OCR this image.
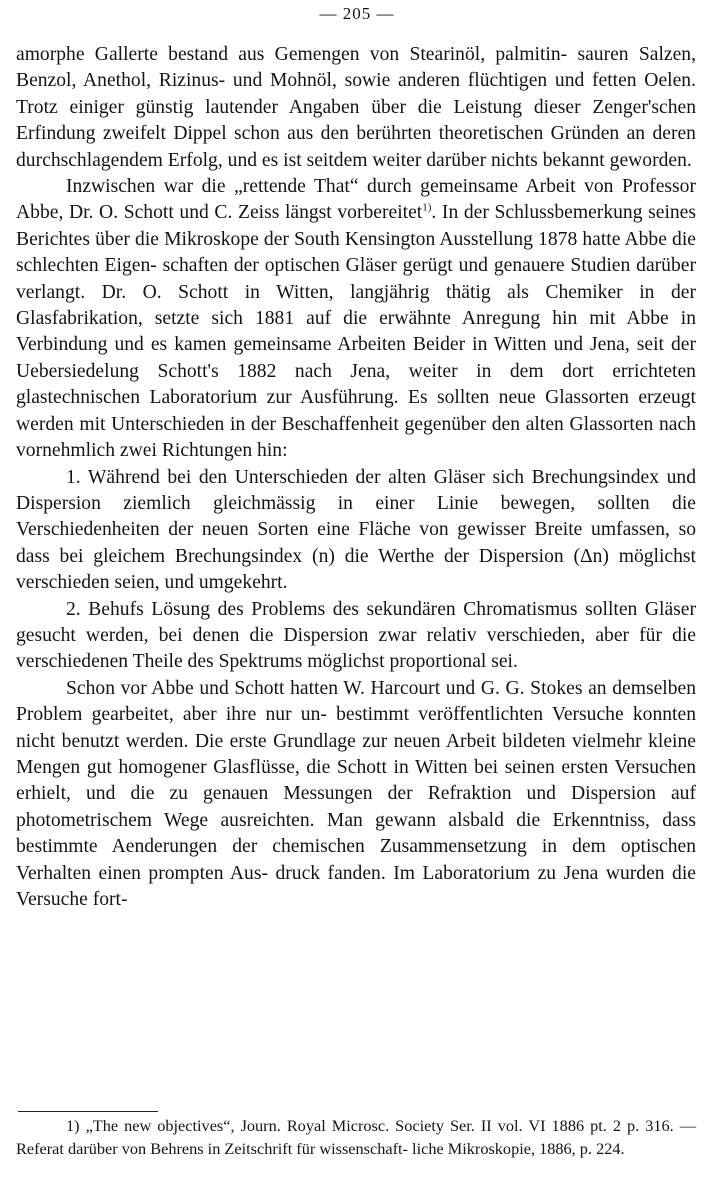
— 205 —

amorphe Gallerte bestand aus Gemengen von Stearinöl, palmitin- sauren Salzen, Benzol, Anethol, Rizinus- und Mohnöl, sowie anderen flüchtigen und fetten Oelen. Trotz einiger günstig lautender Angaben über die Leistung dieser Zenger'schen Erfindung zweifelt Dippel schon aus den berührten theoretischen Gründen an deren durchschlagendem Erfolg, und es ist seitdem weiter darüber nichts bekannt geworden.

Inzwischen war die „rettende That“ durch gemeinsame Arbeit von Professor Abbe, Dr. O. Schott und C. Zeiss längst vorbereitet$^{1)}$. In der Schlussbemerkung seines Berichtes über die Mikroskope der South Kensington Ausstellung 1878 hatte Abbe die schlechten Eigen- schaften der optischen Gläser gerügt und genauere Studien darüber verlangt. Dr. O. Schott in Witten, langjährig thätig als Chemiker in der Glasfabrikation, setzte sich 1881 auf die erwähnte Anregung hin mit Abbe in Verbindung und es kamen gemeinsame Arbeiten Beider in Witten und Jena, seit der Uebersiedelung Schott's 1882 nach Jena, weiter in dem dort errichteten glastechnischen Laboratorium zur Ausführung. Es sollten neue Glassorten erzeugt werden mit Unterschieden in der Beschaffenheit gegenüber den alten Glassorten nach vornehmlich zwei Richtungen hin:

1. Während bei den Unterschieden der alten Gläser sich Brechungsindex und Dispersion ziemlich gleichmässig in einer Linie bewegen, sollten die Verschiedenheiten der neuen Sorten eine Fläche von gewisser Breite umfassen, so dass bei gleichem Brechungsindex (n) die Werthe der Dispersion (Δn) möglichst verschieden seien, und umgekehrt.

2. Behufs Lösung des Problems des sekundären Chromatismus sollten Gläser gesucht werden, bei denen die Dispersion zwar relativ verschieden, aber für die verschiedenen Theile des Spektrums möglichst proportional sei.

Schon vor Abbe und Schott hatten W. Harcourt und G. G. Stokes an demselben Problem gearbeitet, aber ihre nur un- bestimmt veröffentlichten Versuche konnten nicht benutzt werden. Die erste Grundlage zur neuen Arbeit bildeten vielmehr kleine Mengen gut homogener Glasflüsse, die Schott in Witten bei seinen ersten Versuchen erhielt, und die zu genauen Messungen der Refraktion und Dispersion auf photometrischem Wege ausreichten. Man gewann alsbald die Erkenntniss, dass bestimmte Aenderungen der chemischen Zusammensetzung in dem optischen Verhalten einen prompten Aus- druck fanden. Im Laboratorium zu Jena wurden die Versuche fort-

1) „The new objectives“, Journ. Royal Microsc. Society Ser. II vol. VI 1886 pt. 2 p. 316. — Referat darüber von Behrens in Zeitschrift für wissenschaft- liche Mikroskopie, 1886, p. 224.
